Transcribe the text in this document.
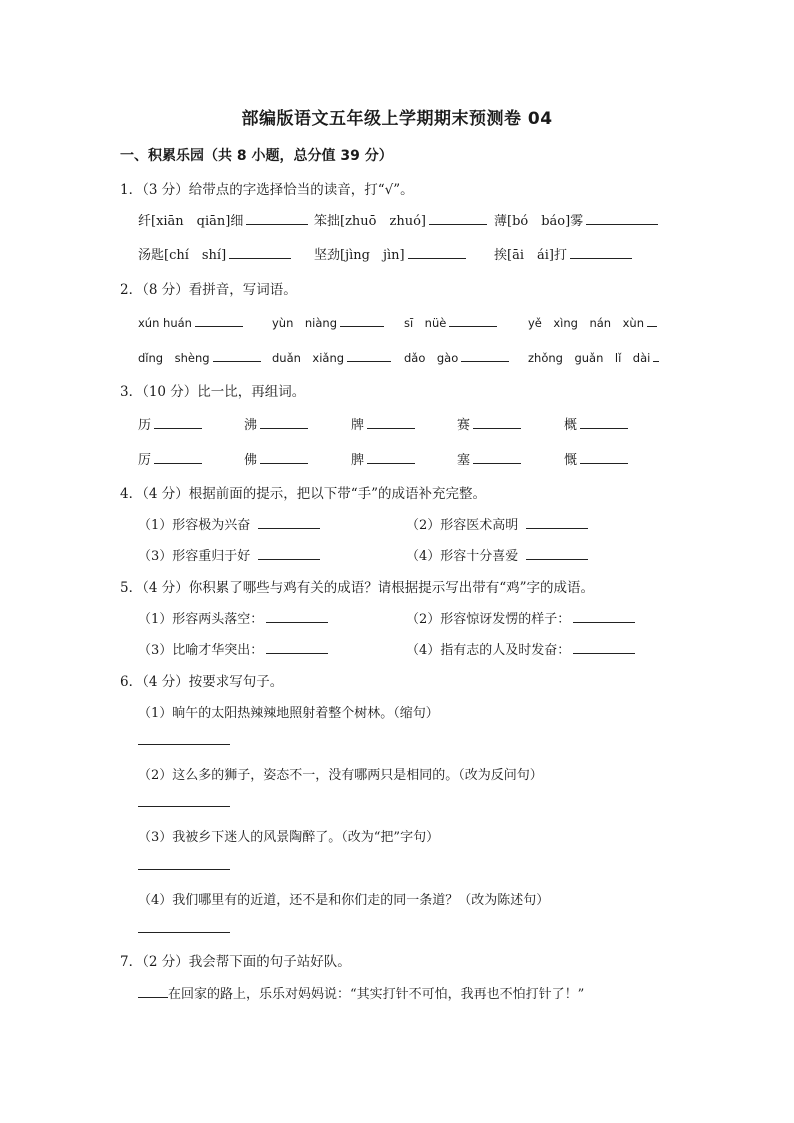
部编版语文五年级上学期期末预测卷 04
一、积累乐园（共 8 小题，总分值 39 分）
1．（3 分）给带点的字选择恰当的读音，打“√”。
纤[xiān　qiān]细	笨拙[zhuō　zhuó]	薄[bó　báo]雾
汤匙[chí　shí]	坚劲[jìng　jìn]	挨[āi　ái]打
2．（8 分）看拼音，写词语。
xún huán	yùn　niàng	sī　nüè	yě　xìng　nán　xùn
dǐng　shèng	duǎn　xiǎng	dǎo　gào	zhǒng　guǎn　lǐ　dài
3．（10 分）比一比，再组词。
历	沸	牌	赛	概
厉	佛	脾	塞	慨
4．（4 分）根据前面的提示，把以下带“手”的成语补充完整。
（1）形容极为兴奋	（2）形容医术高明
（3）形容重归于好	（4）形容十分喜爱
5．（4 分）你积累了哪些与鸡有关的成语？请根据提示写出带有“鸡”字的成语。
（1）形容两头落空：	（2）形容惊讶发愣的样子：
（3）比喻才华突出：	（4）指有志的人及时发奋：
6．（4 分）按要求写句子。
（1）晌午的太阳热辣辣地照射着整个树林。（缩句）
（2）这么多的狮子，姿态不一，没有哪两只是相同的。（改为反问句）
（3）我被乡下迷人的风景陶醉了。（改为“把”字句）
（4）我们哪里有的近道，还不是和你们走的同一条道？（改为陈述句）
7．（2 分）我会帮下面的句子站好队。
在回家的路上，乐乐对妈妈说：“其实打针不可怕，我再也不怕打针了！”
